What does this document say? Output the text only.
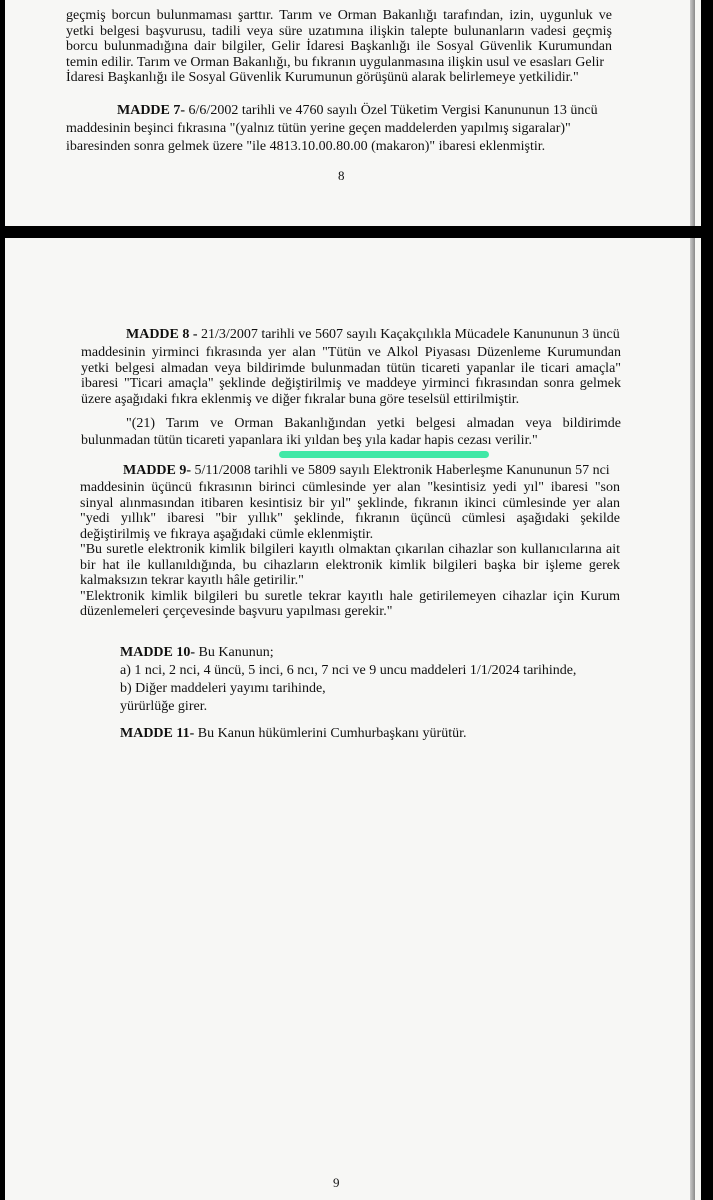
geçmiş borcun bulunmaması şarttır. Tarım ve Orman Bakanlığı tarafından, izin, uygunluk ve
yetki belgesi başvurusu, tadili veya süre uzatımına ilişkin talepte bulunanların vadesi geçmiş
borcu bulunmadığına dair bilgiler, Gelir İdaresi Başkanlığı ile Sosyal Güvenlik Kurumundan
temin edilir. Tarım ve Orman Bakanlığı, bu fıkranın uygulanmasına ilişkin usul ve esasları Gelir
İdaresi Başkanlığı ile Sosyal Güvenlik Kurumunun görüşünü alarak belirlemeye yetkilidir."
MADDE 7- 6/6/2002 tarihli ve 4760 sayılı Özel Tüketim Vergisi Kanununun 13 üncü
maddesinin beşinci fıkrasına "(yalnız tütün yerine geçen maddelerden yapılmış sigaralar)"
ibaresinden sonra gelmek üzere "ile 4813.10.00.80.00 (makaron)" ibaresi eklenmiştir.
8
MADDE 8 - 21/3/2007 tarihli ve 5607 sayılı Kaçakçılıkla Mücadele Kanununun 3 üncü
maddesinin yirminci fıkrasında yer alan "Tütün ve Alkol Piyasası Düzenleme Kurumundan
yetki belgesi almadan veya bildirimde bulunmadan tütün ticareti yapanlar ile ticari amaçla"
ibaresi "Ticari amaçla" şeklinde değiştirilmiş ve maddeye yirminci fıkrasından sonra gelmek
üzere aşağıdaki fıkra eklenmiş ve diğer fıkralar buna göre teselsül ettirilmiştir.
"(21) Tarım ve Orman Bakanlığından yetki belgesi almadan veya bildirimde
bulunmadan tütün ticareti yapanlara iki yıldan beş yıla kadar hapis cezası verilir."
MADDE 9- 5/11/2008 tarihli ve 5809 sayılı Elektronik Haberleşme Kanununun 57 nci
maddesinin üçüncü fıkrasının birinci cümlesinde yer alan "kesintisiz yedi yıl" ibaresi "son
sinyal alınmasından itibaren kesintisiz bir yıl" şeklinde, fıkranın ikinci cümlesinde yer alan
"yedi yıllık" ibaresi "bir yıllık" şeklinde, fıkranın üçüncü cümlesi aşağıdaki şekilde
değiştirilmiş ve fıkraya aşağıdaki cümle eklenmiştir.
"Bu suretle elektronik kimlik bilgileri kayıtlı olmaktan çıkarılan cihazlar son kullanıcılarına ait
bir hat ile kullanıldığında, bu cihazların elektronik kimlik bilgileri başka bir işleme gerek
kalmaksızın tekrar kayıtlı hâle getirilir."
"Elektronik kimlik bilgileri bu suretle tekrar kayıtlı hale getirilemeyen cihazlar için Kurum
düzenlemeleri çerçevesinde başvuru yapılması gerekir."
MADDE 10- Bu Kanunun;
a) 1 nci, 2 nci, 4 üncü, 5 inci, 6 ncı, 7 nci ve 9 uncu maddeleri 1/1/2024 tarihinde,
b) Diğer maddeleri yayımı tarihinde,
yürürlüğe girer.
MADDE 11- Bu Kanun hükümlerini Cumhurbaşkanı yürütür.
9
